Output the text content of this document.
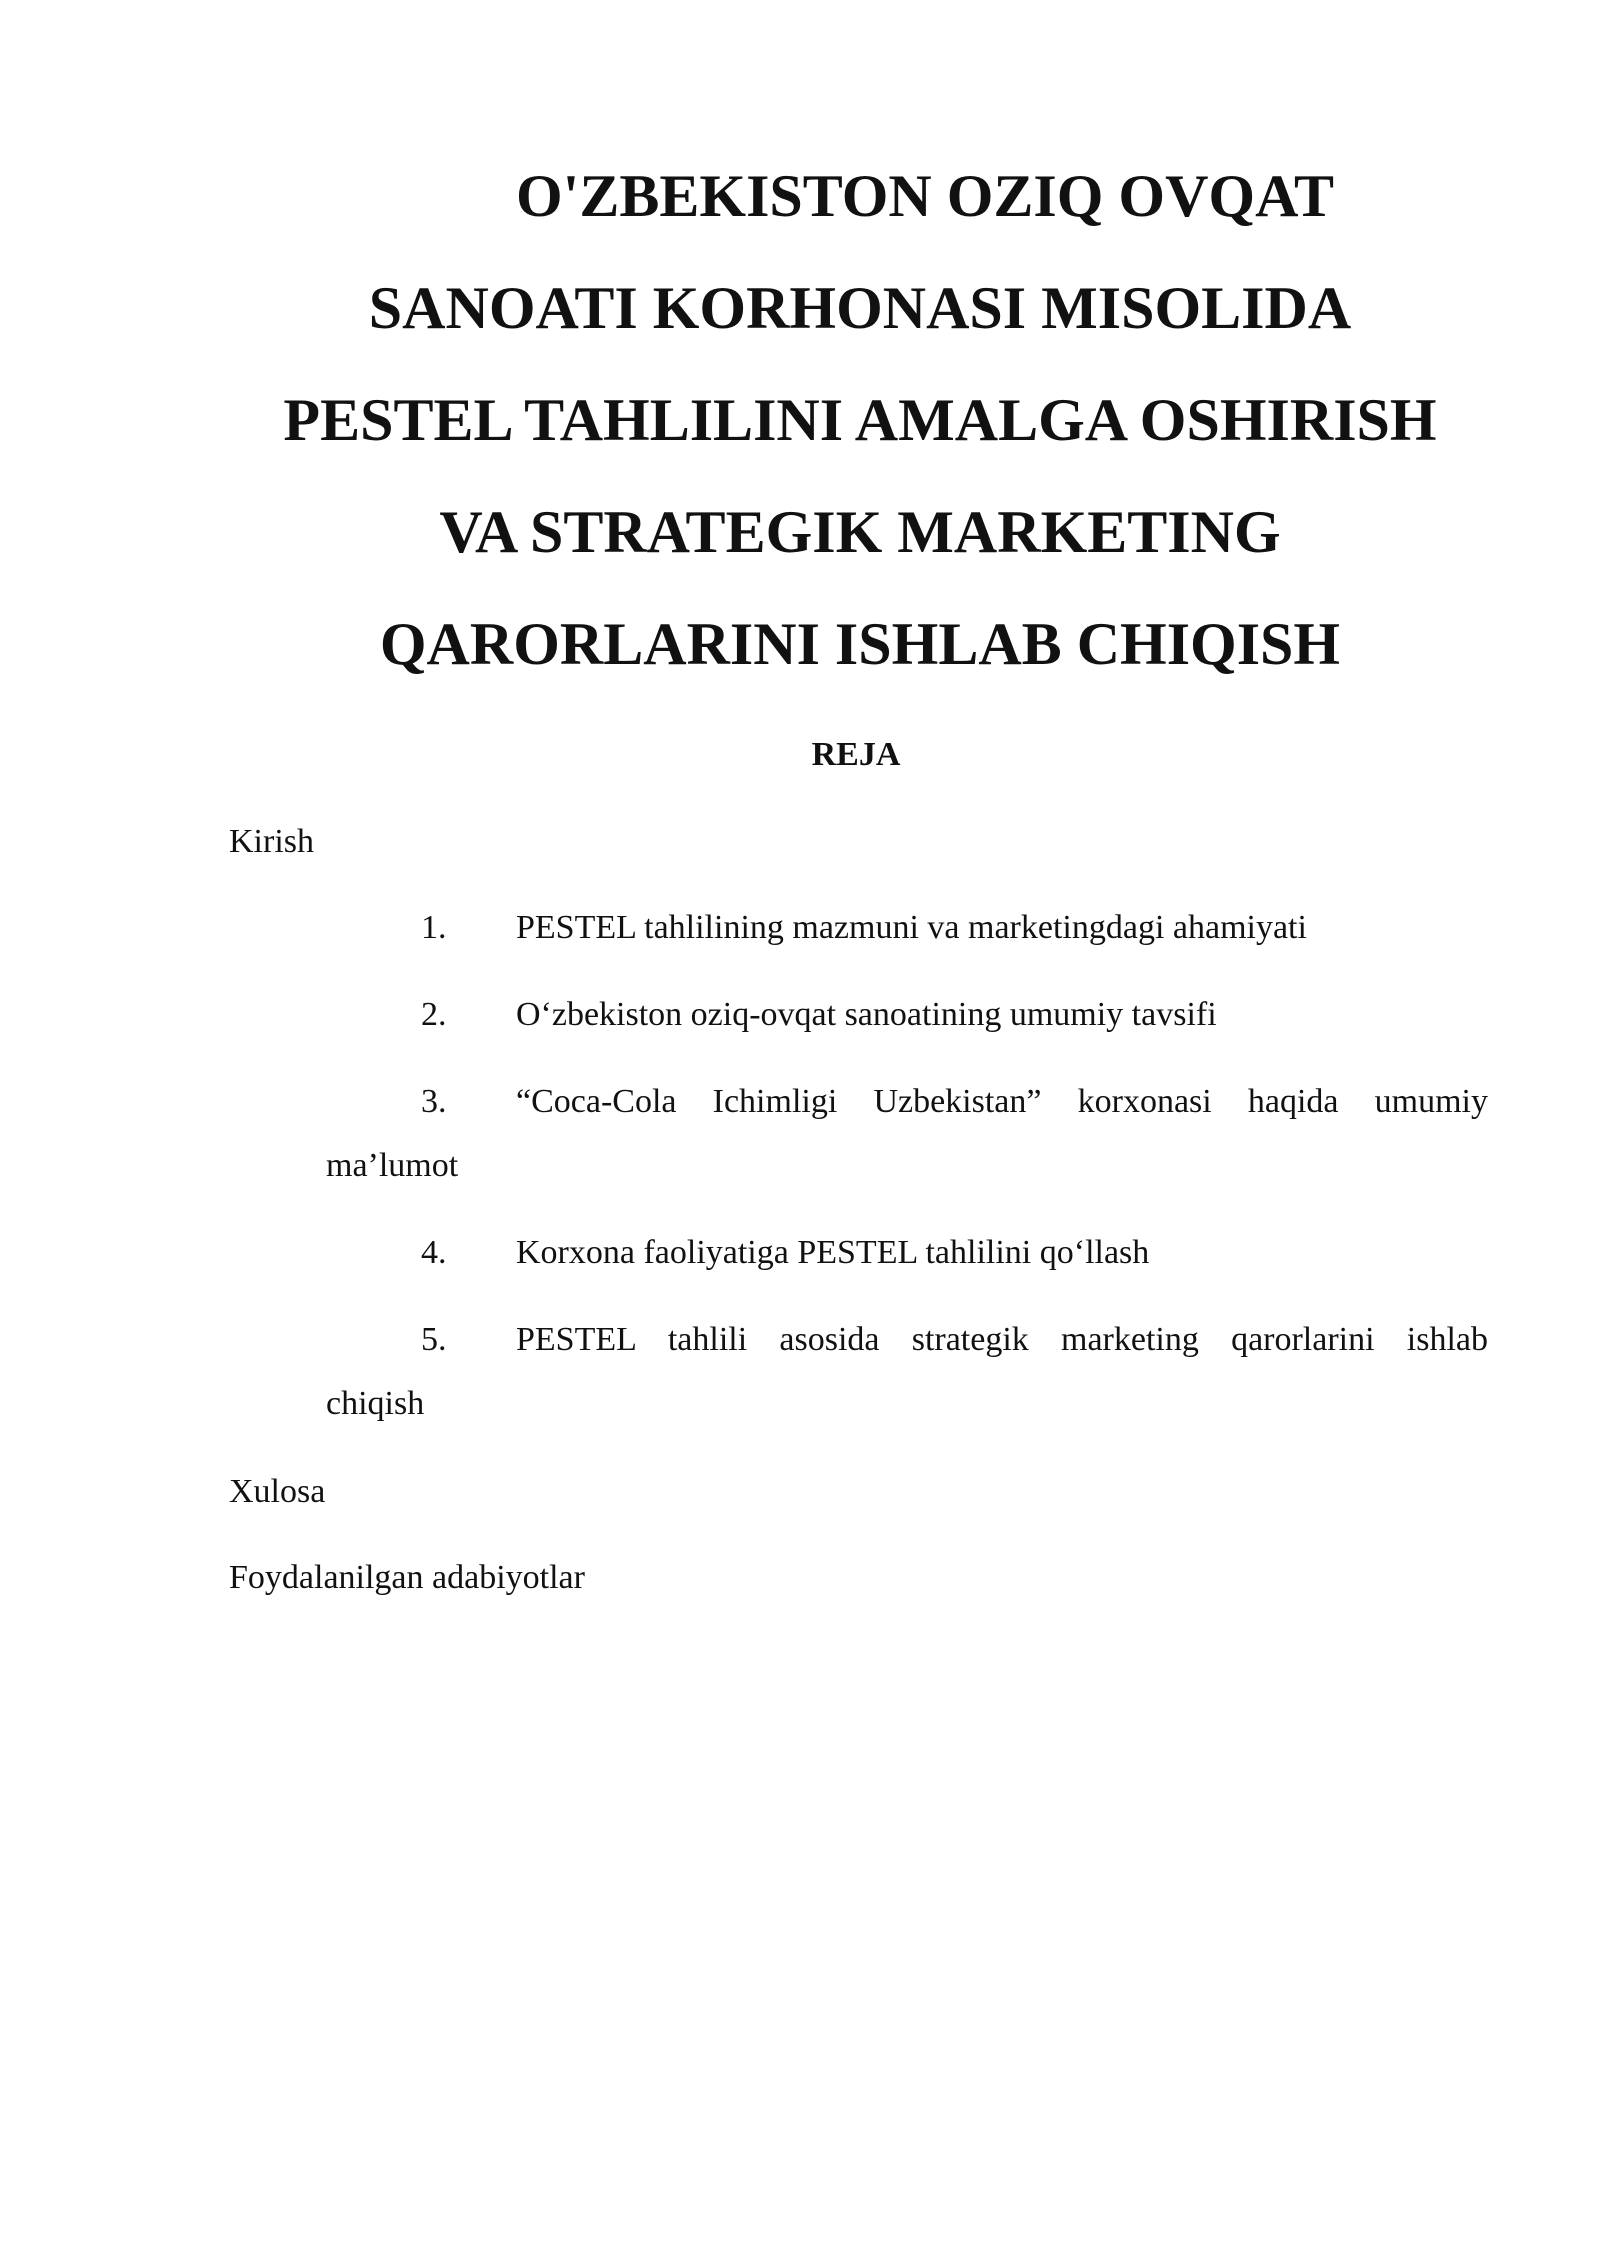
O'ZBEKISTON OZIQ OVQAT
SANOATI KORHONASI MISOLIDA
PESTEL TAHLILINI AMALGA OSHIRISH
VA STRATEGIK MARKETING
QARORLARINI ISHLAB CHIQISH
REJA

Kirish

1.	PESTEL tahlilining mazmuni va marketingdagi ahamiyati
2.	O‘zbekiston oziq-ovqat sanoatining umumiy tavsifi
3.	“Coca-Cola Ichimligi Uzbekistan” korxonasi haqida umumiy
ma’lumot
4.	Korxona faoliyatiga PESTEL tahlilini qo‘llash
5.	PESTEL tahlili asosida strategik marketing qarorlarini ishlab
chiqish

Xulosa

Foydalanilgan adabiyotlar
